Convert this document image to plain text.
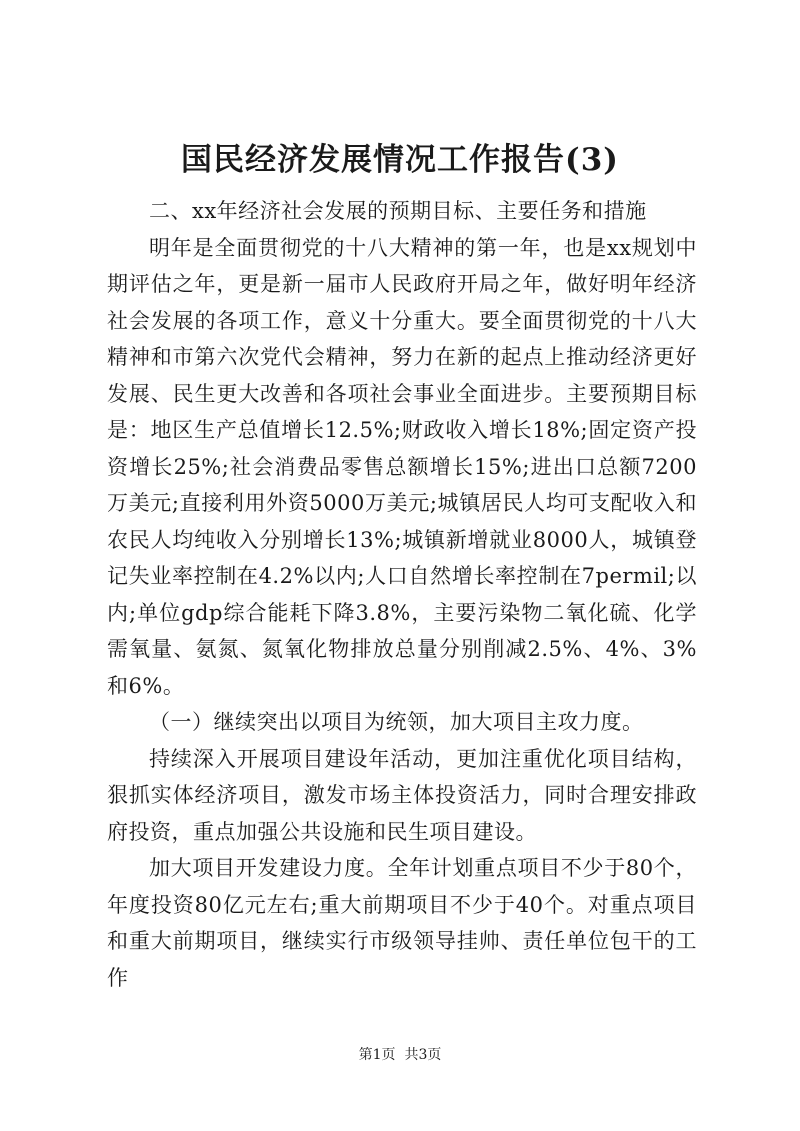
国民经济发展情况工作报告(3)

二、xx年经济社会发展的预期目标、主要任务和措施

明年是全面贯彻党的十八大精神的第一年，也是xx规划中期评估之年，更是新一届市人民政府开局之年，做好明年经济社会发展的各项工作，意义十分重大。要全面贯彻党的十八大精神和市第六次党代会精神，努力在新的起点上推动经济更好发展、民生更大改善和各项社会事业全面进步。主要预期目标是：地区生产总值增长12.5%;财政收入增长18%;固定资产投资增长25%;社会消费品零售总额增长15%;进出口总额7200万美元;直接利用外资5000万美元;城镇居民人均可支配收入和农民人均纯收入分别增长13%;城镇新增就业8000人，城镇登记失业率控制在4.2%以内;人口自然增长率控制在7permil;以内;单位gdp综合能耗下降3.8%，主要污染物二氧化硫、化学需氧量、氨氮、氮氧化物排放总量分别削减2.5%、4%、3%和6%。

（一）继续突出以项目为统领，加大项目主攻力度。

持续深入开展项目建设年活动，更加注重优化项目结构，狠抓实体经济项目，激发市场主体投资活力，同时合理安排政府投资，重点加强公共设施和民生项目建设。

加大项目开发建设力度。全年计划重点项目不少于80个，年度投资80亿元左右;重大前期项目不少于40个。对重点项目和重大前期项目，继续实行市级领导挂帅、责任单位包干的工作

第1页  共3页
